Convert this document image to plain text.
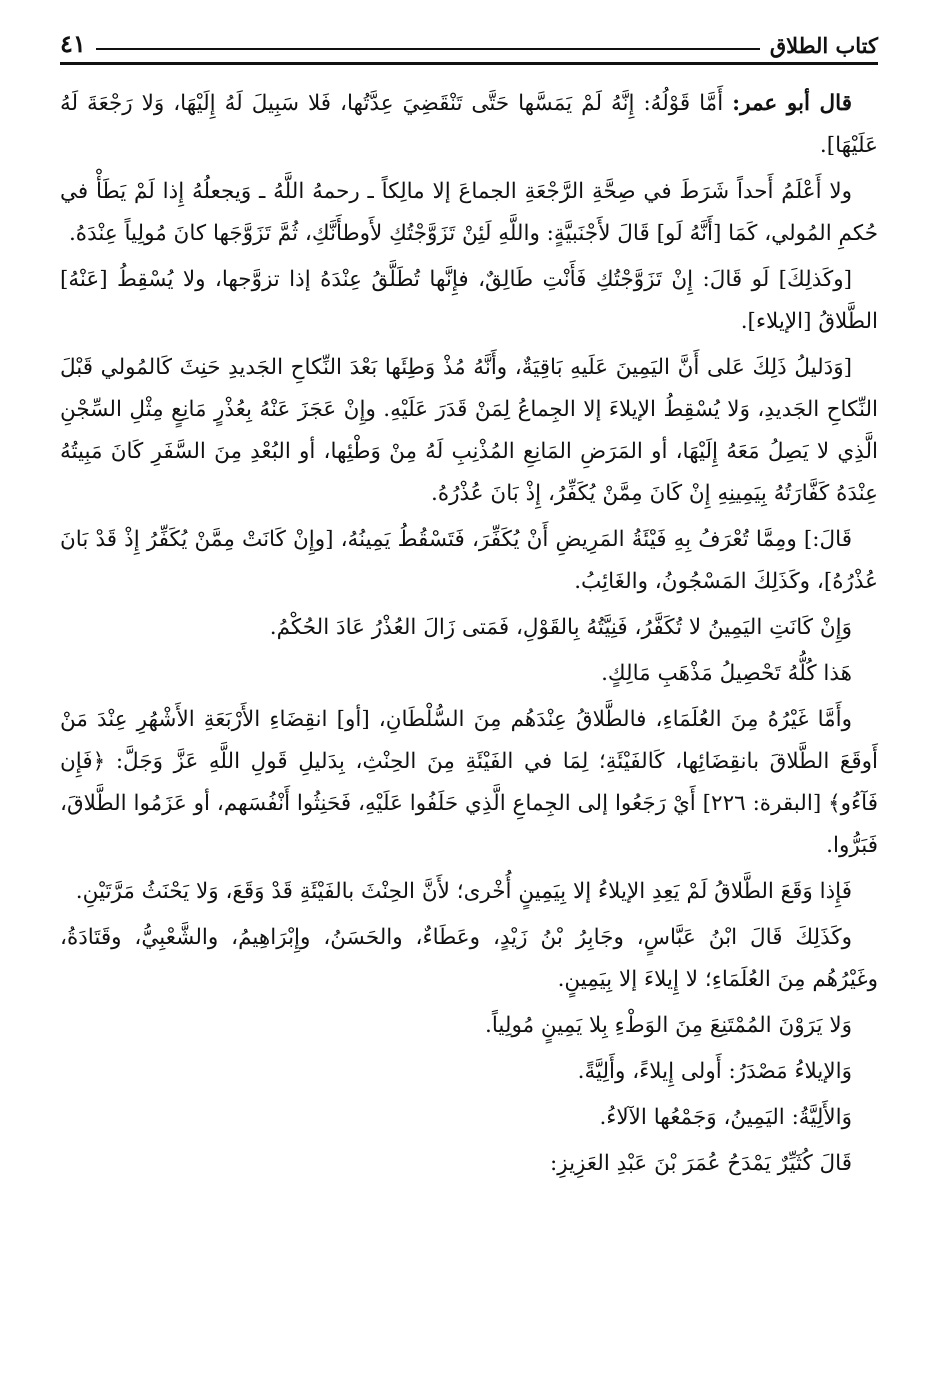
كتاب الطلاق
٤١

قال أبو عمر: أَمَّا قَوْلُهُ: إِنَّهُ لَمْ يَمَسَّها حَتَّى تَنْقَضِيَ عِدَّتُها، فَلا سَبِيلَ لَهُ إِلَيْهَا، وَلا رَجْعَةَ لَهُ عَلَيْهَا].

ولا أَعْلَمُ أَحداً شَرَطَ في صِحَّةِ الرَّجْعَةِ الجماعَ إلا مالِكاً ـ رحمهُ اللَّهُ ـ وَيجعلُهُ إِذا لَمْ يَطَأْ في حُكمِ المُولي، كَمَا [أَنَّهُ لَو] قَالَ لأَجْنَبيَّةٍ: واللَّهِ لَئِنْ تَزَوَّجْتُكِ لأَوطأَنَّكِ، ثُمَّ تَزَوَّجَها كانَ مُولِياً عِنْدَهُ.

[وكَذلِكَ] لَو قَالَ: إِنْ تَزَوَّجْتُكِ فَأَنْتِ طَالِقٌ، فإِنَّها تُطَلَّقُ عِنْدَهُ إذا تزوَّجها، ولا يُسْقِطُ [عَنْهُ] الطَّلاقُ [الإيلاء].

[وَدَليلُ ذَلِكَ عَلى أَنَّ اليَمِينَ عَلَيهِ بَاقِيَةٌ، وأَنَّهُ مُذْ وَطِئَها بَعْدَ النِّكاحِ الجَديدِ حَنِثَ كَالمُولي قَبْلَ النِّكاحِ الجَديدِ، وَلا يُسْقِطُ الإيلاءَ إلا الجِماعُ لِمَنْ قَدَرَ عَلَيْهِ. وإِنْ عَجَزَ عَنْهُ بِعُذْرٍ مَانِعٍ مِثْلِ السِّجْنِ الَّذِي لا يَصِلُ مَعَهُ إِلَيْهَا، أو المَرَضِ المَانِعِ المُذْنِبِ لَهُ مِنْ وَطْئِها، أو البُعْدِ مِنَ السَّفَرِ كَانَ مَبِيتُهُ عِنْدَهُ كَفَّارَتُهُ بِيَمِينِهِ إِنْ كَانَ مِمَّنْ يُكَفِّرُ، إِذْ بَانَ عُذْرُهُ.

قَالَ:] ومِمَّا تُعْرَفُ بِهِ فَيْئَةُ المَرِيضِ أَنْ يُكَفِّرَ، فَتَسْقُطُ يَمِينُهُ، [وإِنْ كَانَتْ مِمَّنْ يُكَفِّرُ إِذْ قَدْ بَانَ عُذْرُهُ]، وكَذَلِكَ المَسْجُونُ، والغَائِبُ.

وَإِنْ كَانَتِ اليَمِينُ لا تُكَفَّرُ، فَنِيَّتُهُ بِالقَوْلِ، فَمَتى زَالَ العُذْرُ عَادَ الحُكْمُ.

هَذا كُلُّهُ تَحْصِيلُ مَذْهَبِ مَالِكٍ.

وأَمَّا غَيْرُهُ مِنَ العُلَمَاءِ، فالطَّلاقُ عِنْدَهُم مِنَ السُّلْطَانِ، [أو] انقِضَاءِ الأَرْبَعَةِ الأَشْهُرِ عِنْدَ مَنْ أَوقَعَ الطَّلاقَ بانقِضَائِها، كَالفَيْئَةِ؛ لِمَا في الفَيْئَةِ مِنَ الحِنْثِ، بِدَليلِ قَولِ اللَّهِ عَزَّ وَجَلَّ: ﴿فَإِن فَآءُو﴾ [البقرة: ٢٢٦] أَيْ رَجَعُوا إلى الجِماعِ الَّذِي حَلَفُوا عَلَيْهِ، فَحَنِثُوا أَنْفُسَهم، أو عَزَمُوا الطَّلاقَ، فَبَرُّوا.

فَإِذا وَقَعَ الطَّلاقُ لَمْ يَعِدِ الإيلاءُ إلا بِيَمِينٍ أُخْرى؛ لأَنَّ الحِنْثَ بالفَيْئَةِ قَدْ وَقَعَ، وَلا يَحْنَثُ مَرَّتَيْنِ.

وكَذَلِكَ قَالَ ابْنُ عَبَّاسٍ، وجَابِرُ بْنُ زَيْدٍ، وعَطَاءٌ، والحَسَنُ، وإِبْرَاهِيمُ، والشَّعْبِيُّ، وقَتَادَةُ، وغَيْرُهُم مِنَ العُلَمَاءِ؛ لا إِيلاءَ إلا بِيَمِينٍ.

وَلا يَرَوْنَ المُمْتَنِعَ مِنَ الوَطْءِ بِلا يَمِينٍ مُولِياً.

وَالإيلاءُ مَصْدَرُ: أَولى إِيلاءً، وأَلِيَّةً.

وَالأَلِيَّةُ: اليَمِينُ، وَجَمْعُها الآلاءُ.

قَالَ كُثَيِّرٌ يَمْدَحُ عُمَرَ بْنَ عَبْدِ العَزِيزِ:
